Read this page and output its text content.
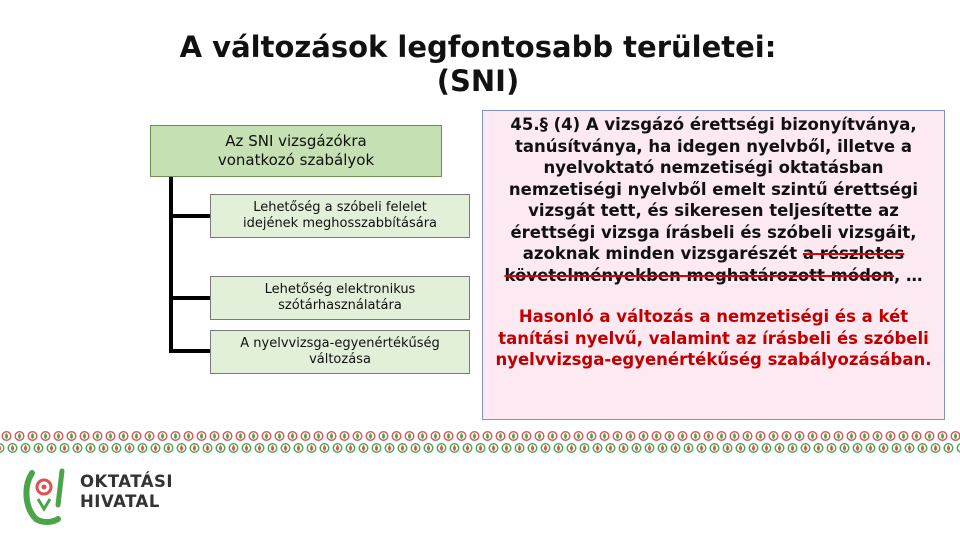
A változások legfontosabb területei:
(SNI)
Az SNI vizsgázókra
vonatkozó szabályok
Lehetőség a szóbeli felelet
idejének meghosszabbítására
Lehetőség elektronikus
szótárhasználatára
A nyelvvizsga-egyenértékűség
változása

45.§ (4) A vizsgázó érettségi bizonyítványa, tanúsítványa, ha idegen nyelvből, illetve a nyelvoktató nemzetiségi oktatásban nemzetiségi nyelvből emelt szintű érettségi vizsgát tett, és sikeresen teljesítette az érettségi vizsga írásbeli és szóbeli vizsgáit, azoknak minden vizsgarészét a részletes követelményekben meghatározott módon, …

Hasonló a változás a nemzetiségi és a két tanítási nyelvű, valamint az írásbeli és szóbeli nyelvvizsga-egyenértékűség szabályozásában.

OKTATÁSI
HIVATAL
